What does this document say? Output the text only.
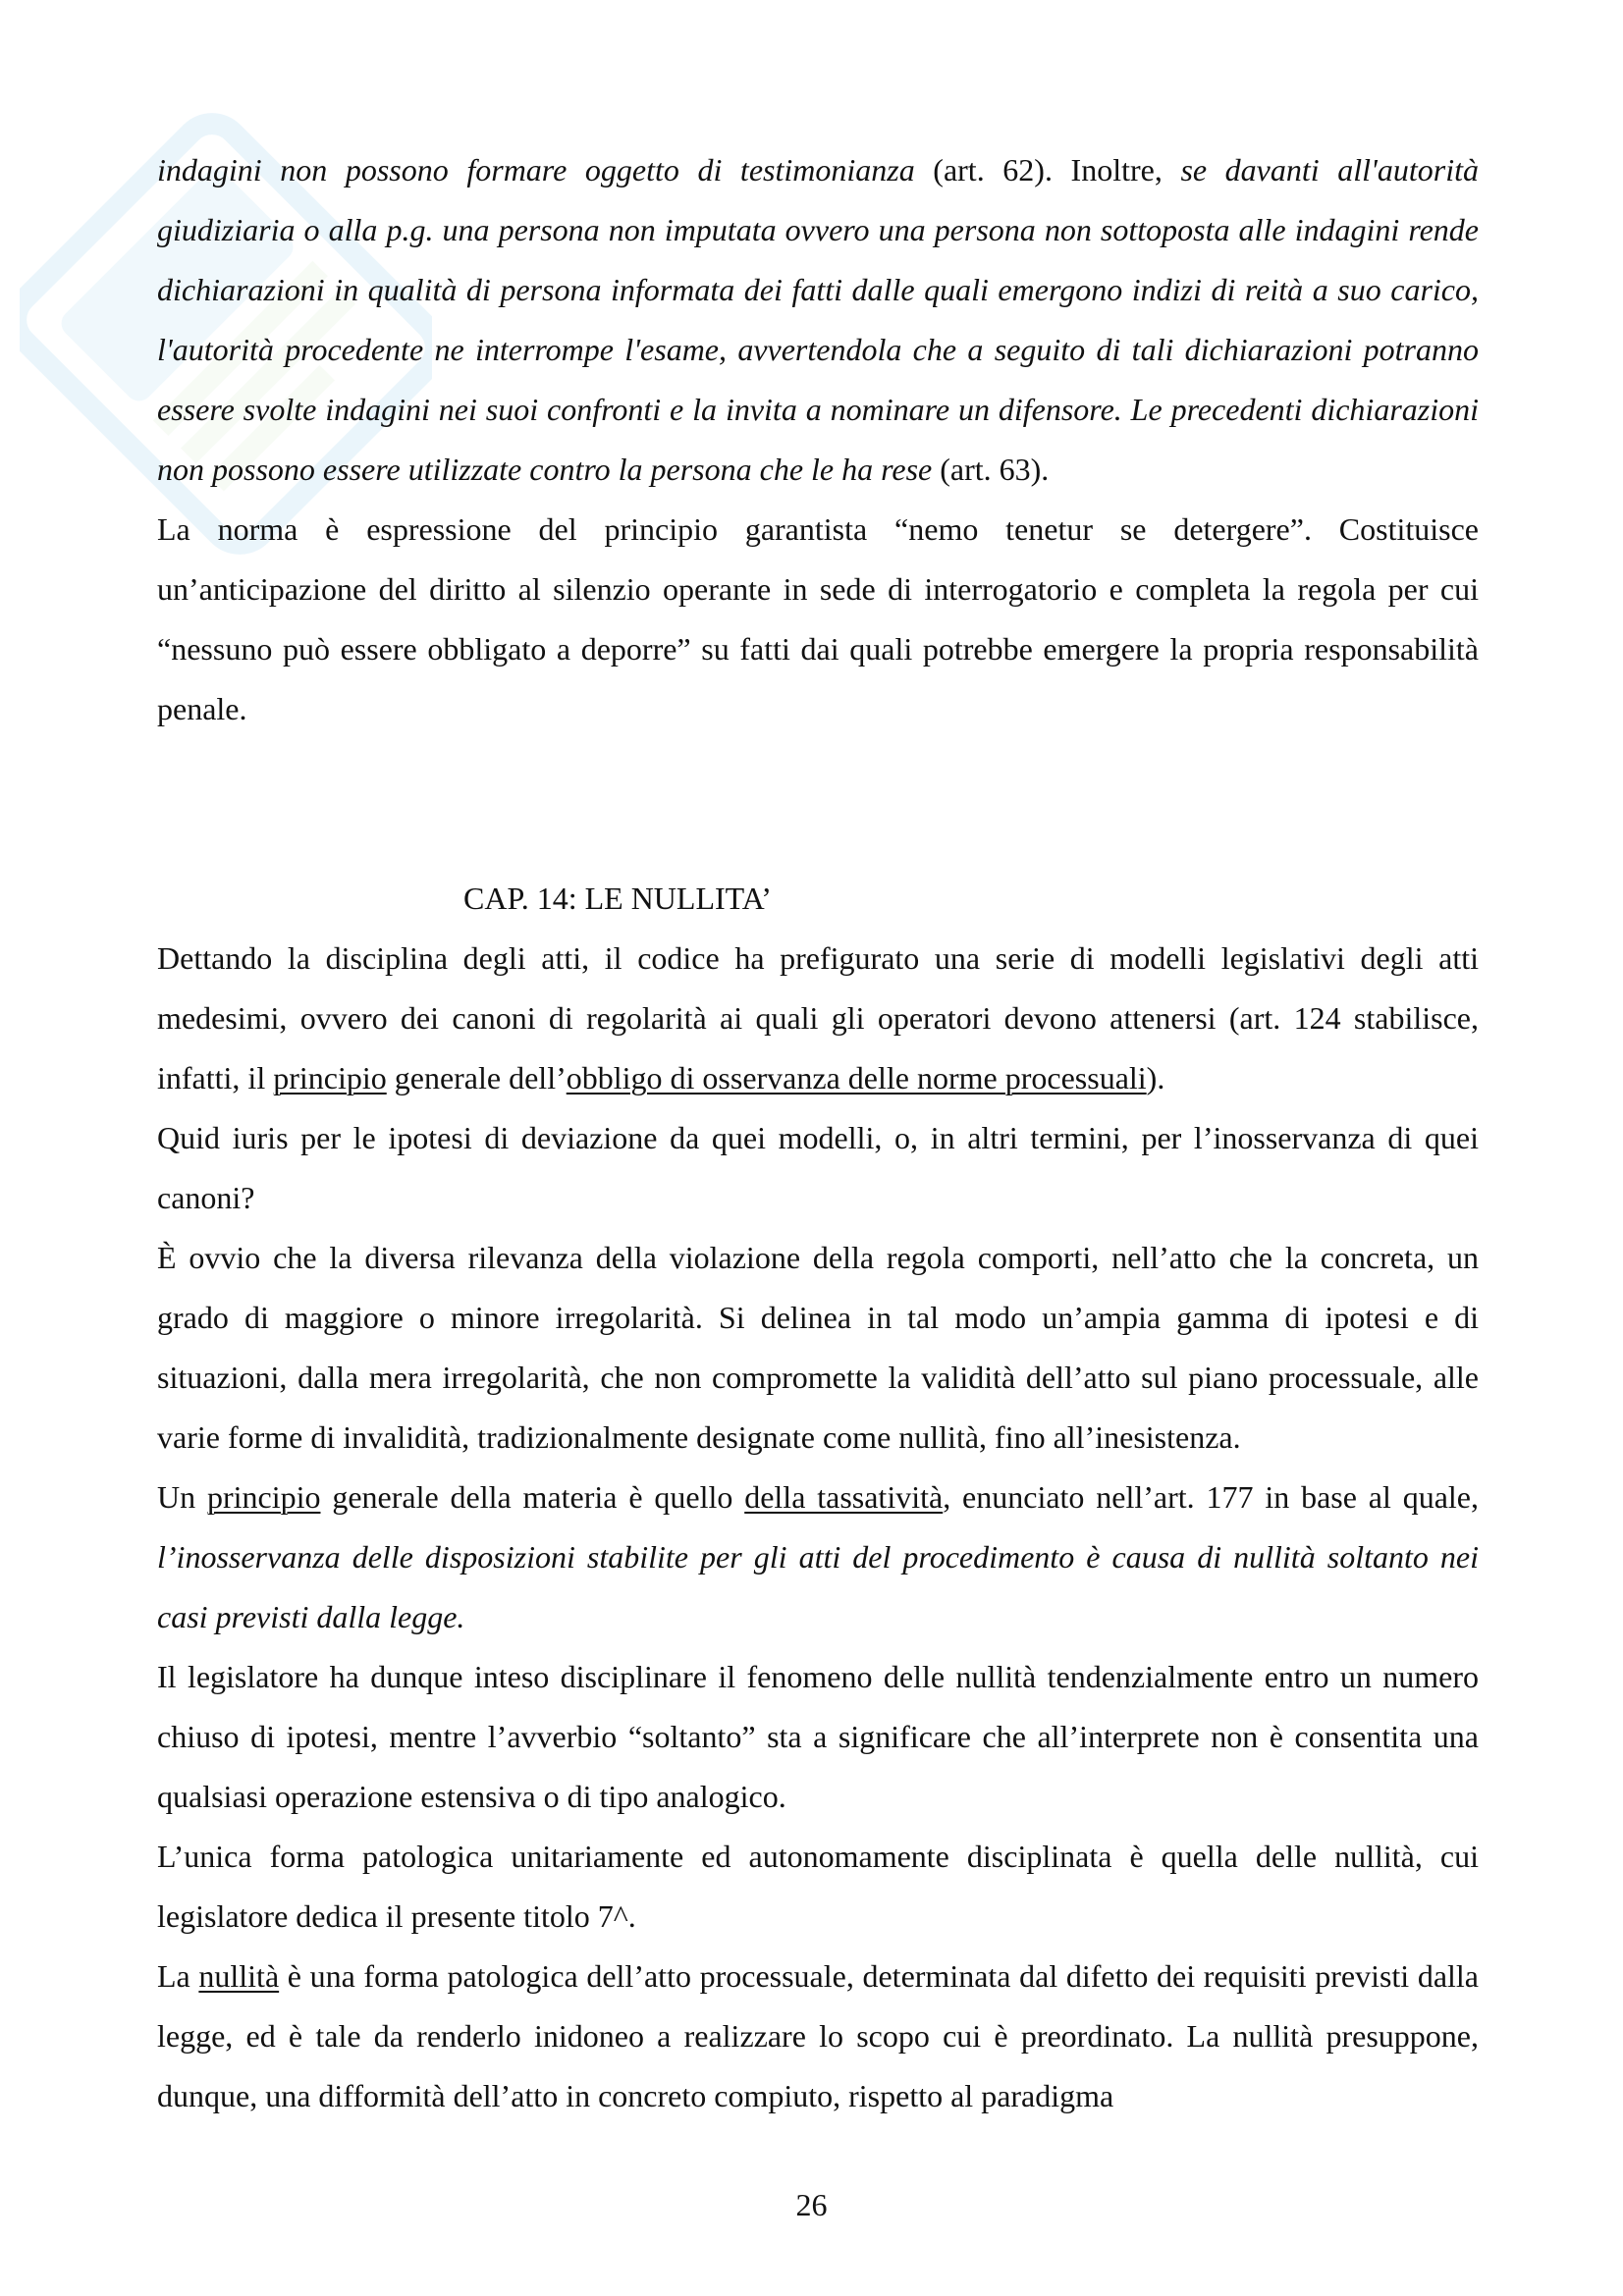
indagini non possono formare oggetto di testimonianza (art. 62). Inoltre, se davanti all'autorità giudiziaria o alla p.g. una persona non imputata ovvero una persona non sottoposta alle indagini rende dichiarazioni in qualità di persona informata dei fatti dalle quali emergono indizi di reità a suo carico, l'autorità procedente ne interrompe l'esame, avvertendola che a seguito di tali dichiarazioni potranno essere svolte indagini nei suoi confronti e la invita a nominare un difensore. Le precedenti dichiarazioni non possono essere utilizzate contro la persona che le ha rese (art. 63).

La norma è espressione del principio garantista “nemo tenetur se detergere”. Costituisce un’anticipazione del diritto al silenzio operante in sede di interrogatorio e completa la regola per cui “nessuno può essere obbligato a deporre” su fatti dai quali potrebbe emergere la propria responsabilità penale.

CAP. 14: LE NULLITA’

Dettando la disciplina degli atti, il codice ha prefigurato una serie di modelli legislativi degli atti medesimi, ovvero dei canoni di regolarità ai quali gli operatori devono attenersi (art. 124 stabilisce, infatti, il principio generale dell’obbligo di osservanza delle norme processuali).

Quid iuris per le ipotesi di deviazione da quei modelli, o, in altri termini, per l’inosservanza di quei canoni?

È ovvio che la diversa rilevanza della violazione della regola comporti, nell’atto che la concreta, un grado di maggiore o minore irregolarità. Si delinea in tal modo un’ampia gamma di ipotesi e di situazioni, dalla mera irregolarità, che non compromette la validità dell’atto sul piano processuale, alle varie forme di invalidità, tradizionalmente designate come nullità, fino all’inesistenza.

Un principio generale della materia è quello della tassatività, enunciato nell’art. 177 in base al quale, l’inosservanza delle disposizioni stabilite per gli atti del procedimento è causa di nullità soltanto nei casi previsti dalla legge.

Il legislatore ha dunque inteso disciplinare il fenomeno delle nullità tendenzialmente entro un numero chiuso di ipotesi, mentre l’avverbio “soltanto” sta a significare che all’interprete non è consentita una qualsiasi operazione estensiva o di tipo analogico.

L’unica forma patologica unitariamente ed autonomamente disciplinata è quella delle nullità, cui legislatore dedica il presente titolo 7^.

La nullità è una forma patologica dell’atto processuale, determinata dal difetto dei requisiti previsti dalla legge, ed è tale da renderlo inidoneo a realizzare lo scopo cui è preordinato. La nullità presuppone, dunque, una difformità dell’atto in concreto compiuto, rispetto al paradigma

26
